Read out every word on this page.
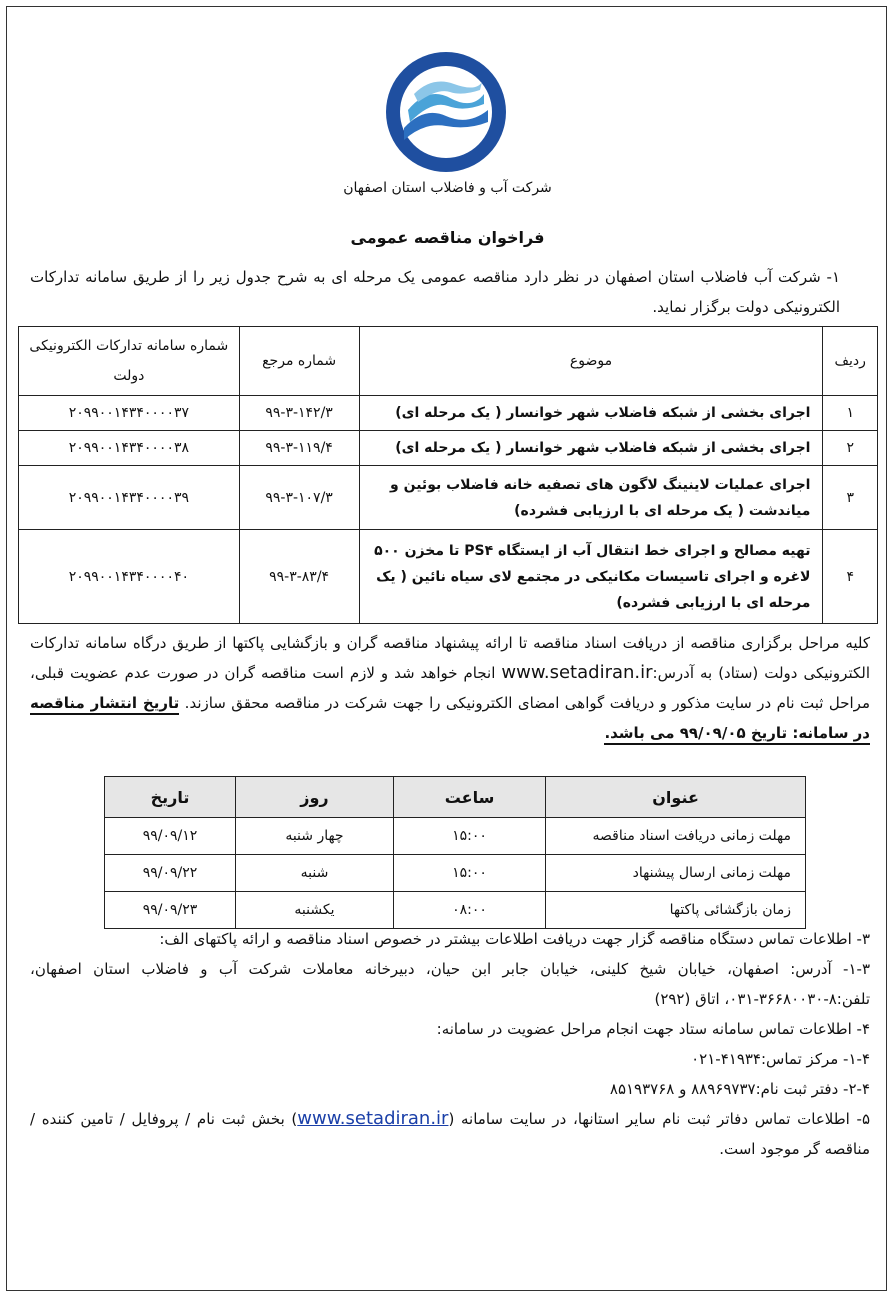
شرکت آب و فاضلاب استان اصفهان
فراخوان مناقصه عمومی
۱- شرکت آب فاضلاب استان اصفهان در نظر دارد مناقصه عمومی یک مرحله ای به شرح جدول زیر را از طریق سامانه تدارکات الکترونیکی دولت برگزار نماید.
ردیف	موضوع	شماره مرجع	شماره سامانه تدارکات الکترونیکی دولت
۱	اجرای بخشی از شبکه فاضلاب شهر خوانسار ( یک مرحله ای)	۹۹-۳-۱۴۲/۳	۲۰۹۹۰۰۱۴۳۴۰۰۰۰۳۷
۲	اجرای بخشی از شبکه فاضلاب شهر خوانسار ( یک مرحله ای)	۹۹-۳-۱۱۹/۴	۲۰۹۹۰۰۱۴۳۴۰۰۰۰۳۸
۳	اجرای عملیات لاینینگ لاگون های تصفیه خانه فاضلاب بوئین و میاندشت ( یک مرحله ای با ارزیابی فشرده)	۹۹-۳-۱۰۷/۳	۲۰۹۹۰۰۱۴۳۴۰۰۰۰۳۹
۴	تهیه مصالح و اجرای خط انتقال آب از ایستگاه PS۴ تا مخزن ۵۰۰ لاغره و اجرای تاسیسات مکانیکی در مجتمع لای سیاه نائین ( یک مرحله ای با ارزیابی فشرده)	۹۹-۳-۸۳/۴	۲۰۹۹۰۰۱۴۳۴۰۰۰۰۴۰
کلیه مراحل برگزاری مناقصه از دریافت اسناد مناقصه تا ارائه پیشنهاد مناقصه گران و بازگشایی پاکتها از طریق درگاه سامانه تدارکات الکترونیکی دولت (ستاد) به آدرس:www.setadiran.ir انجام خواهد شد و لازم است مناقصه گران در صورت عدم عضویت قبلی، مراحل ثبت نام در سایت مذکور و دریافت گواهی امضای الکترونیکی را جهت شرکت در مناقصه محقق سازند. تاریخ انتشار مناقصه در سامانه: تاریخ ۹۹/۰۹/۰۵ می باشد.
عنوان	ساعت	روز	تاریخ
مهلت زمانی دریافت اسناد مناقصه	۱۵:۰۰	چهار شنبه	۹۹/۰۹/۱۲
مهلت زمانی ارسال پیشنهاد	۱۵:۰۰	شنبه	۹۹/۰۹/۲۲
زمان بازگشائی پاکتها	۰۸:۰۰	یکشنبه	۹۹/۰۹/۲۳
۳- اطلاعات تماس دستگاه مناقصه گزار جهت دریافت اطلاعات بیشتر در خصوص اسناد مناقصه و ارائه پاکتهای الف:
۱-۳- آدرس: اصفهان، خیابان شیخ کلینی، خیابان جابر ابن حیان، دبیرخانه معاملات شرکت آب و فاضلاب استان اصفهان، تلفن:۸-۳۶۶۸۰۰۳۰-۰۳۱، اتاق (۲۹۲)
۴- اطلاعات تماس سامانه ستاد جهت انجام مراحل عضویت در سامانه:
۱-۴- مرکز تماس:۴۱۹۳۴-۰۲۱
۲-۴- دفتر ثبت نام:۸۸۹۶۹۷۳۷ و ۸۵۱۹۳۷۶۸
۵- اطلاعات تماس دفاتر ثبت نام سایر استانها، در سایت سامانه (www.setadiran.ir) بخش ثبت نام / پروفایل / تامین کننده / مناقصه گر موجود است.
